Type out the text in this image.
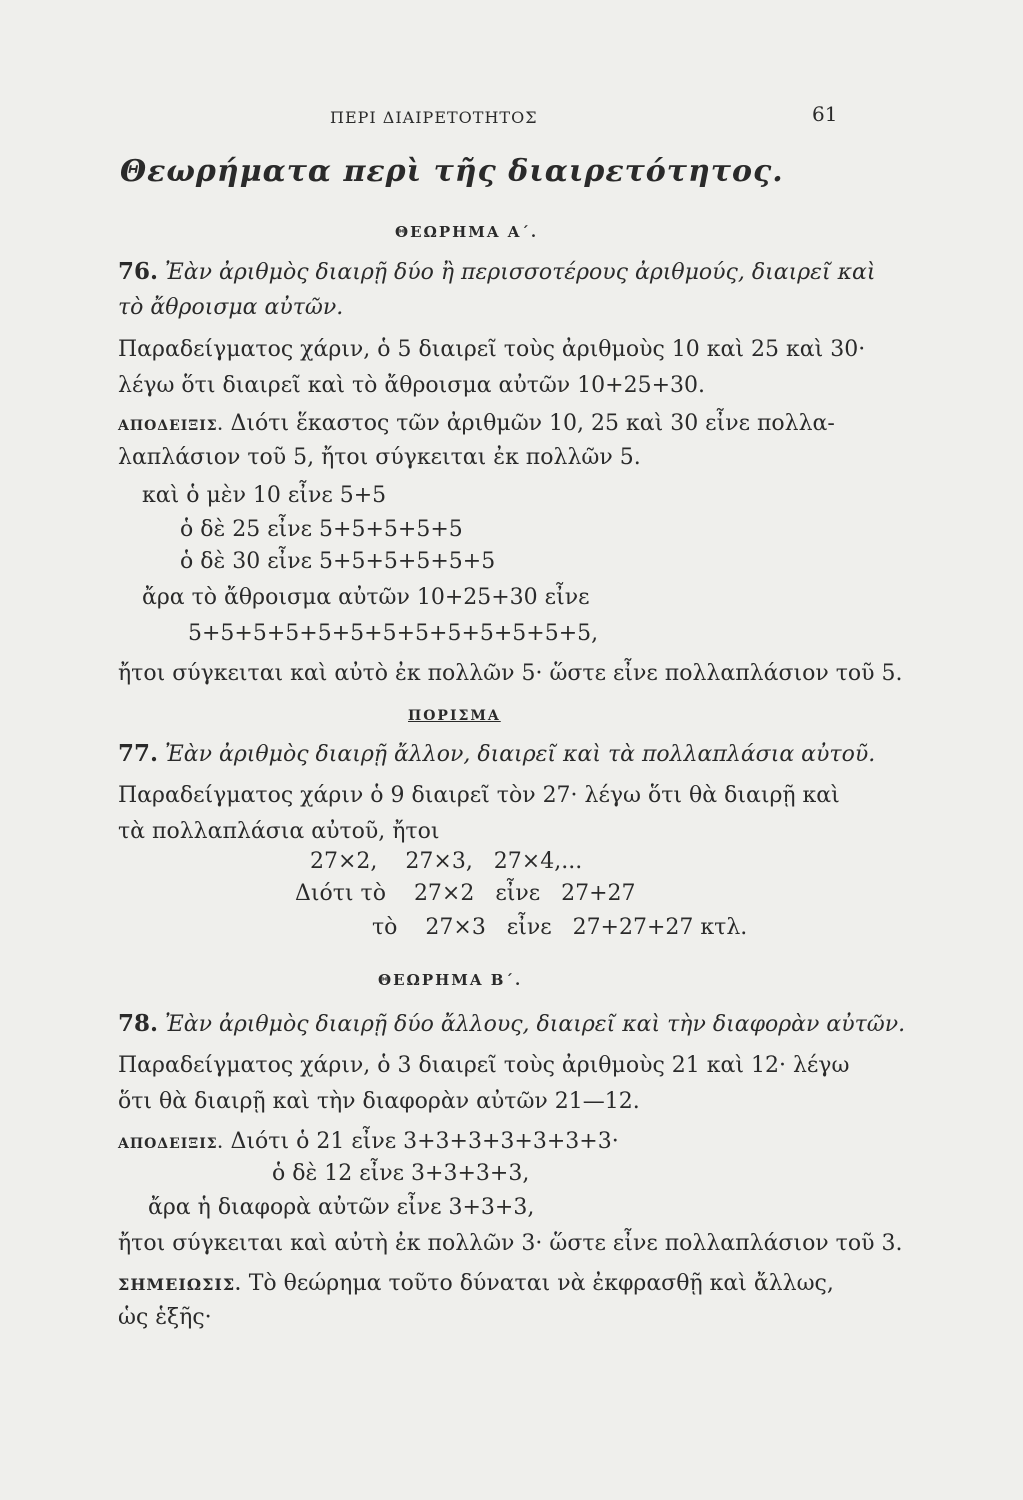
ΠΕΡΙ ΔΙΑΙΡΕΤΟΤΗΤΟΣ	61
Θεωρήματα περὶ τῆς διαιρετότητος.
ΘΕΩΡΗΜΑ Α΄.
76. Ἐὰν ἀριθμὸς διαιρῇ δύο ἢ περισσοτέρους ἀριθμούς, διαιρεῖ καὶ
τὸ ἄθροισμα αὐτῶν.
Παραδείγματος χάριν, ὁ 5 διαιρεῖ τοὺς ἀριθμοὺς 10 καὶ 25 καὶ 30·
λέγω ὅτι διαιρεῖ καὶ τὸ ἄθροισμα αὐτῶν 10+25+30.
ΑΠΟΔΕΙΞΙΣ. Διότι ἕκαστος τῶν ἀριθμῶν 10, 25 καὶ 30 εἶνε πολλα-
λαπλάσιον τοῦ 5, ἤτοι σύγκειται ἐκ πολλῶν 5.
καὶ ὁ μὲν 10 εἶνε 5+5
ὁ δὲ 25 εἶνε 5+5+5+5+5
ὁ δὲ 30 εἶνε 5+5+5+5+5+5
ἄρα τὸ ἄθροισμα αὐτῶν 10+25+30 εἶνε
5+5+5+5+5+5+5+5+5+5+5+5+5,
ἤτοι σύγκειται καὶ αὐτὸ ἐκ πολλῶν 5· ὥστε εἶνε πολλαπλάσιον τοῦ 5.
ΠΟΡΙΣΜΑ
77. Ἐὰν ἀριθμὸς διαιρῇ ἄλλον, διαιρεῖ καὶ τὰ πολλαπλάσια αὐτοῦ.
Παραδείγματος χάριν ὁ 9 διαιρεῖ τὸν 27· λέγω ὅτι θὰ διαιρῇ καὶ
τὰ πολλαπλάσια αὐτοῦ, ἤτοι
27×2,    27×3,   27×4,...
Διότι τὸ    27×2   εἶνε   27+27
τὸ    27×3   εἶνε   27+27+27 κτλ.
ΘΕΩΡΗΜΑ Β΄.
78. Ἐὰν ἀριθμὸς διαιρῇ δύο ἄλλους, διαιρεῖ καὶ τὴν διαφορὰν αὐτῶν.
Παραδείγματος χάριν, ὁ 3 διαιρεῖ τοὺς ἀριθμοὺς 21 καὶ 12· λέγω
ὅτι θὰ διαιρῇ καὶ τὴν διαφορὰν αὐτῶν 21—12.
ΑΠΟΔΕΙΞΙΣ. Διότι ὁ 21 εἶνε 3+3+3+3+3+3+3·
ὁ δὲ 12 εἶνε 3+3+3+3,
ἄρα ἡ διαφορὰ αὐτῶν εἶνε 3+3+3,
ἤτοι σύγκειται καὶ αὐτὴ ἐκ πολλῶν 3· ὥστε εἶνε πολλαπλάσιον τοῦ 3.
ΣΗΜΕΙΩΣΙΣ. Τὸ θεώρημα τοῦτο δύναται νὰ ἐκφρασθῇ καὶ ἄλλως,
ὡς ἑξῆς·
